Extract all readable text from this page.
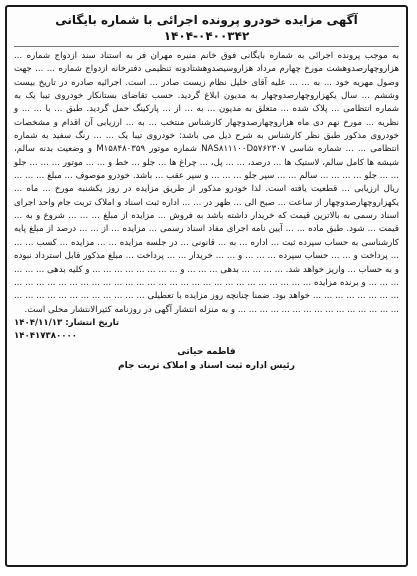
آگهی مزایده خودرو پرونده اجرائی با شماره بایگانی ۰۴۰۰۳۴۲-۱۴۰۴

به موجب پرونده اجرائی به شماره بایگانی فوق خانم منیره مهران فر به استناد سند ازدواج شماره ... هزاروچهارصدوهشت مورخ چهارم مرداد هزاروسیصدوهشتادونه تنظیمی دفترخانه ازدواج شماره ... ... جهت وصول مهریه خود ... به ... ... علیه آقای خلیل نظام زیست صادر ... است. اجرائیه صادره در تاریخ بیست وششم ... سال یکهزاروچهارصدوچهار به مدیون ابلاغ گردید. حسب تقاضای بستانکار خودروی تیبا یک به شماره انتظامی ... پلاک شده ... متعلق به مدیون ... به ... از ... پارکینگ حمل گردید. طبق ... با ... ... و نظریه ... مورخ نهم دی ماه هزاروچهارصدوچهار کارشناس منتخب ... به ... ارزیابی آن اقدام و مشخصات خودروی مذکور طبق نظر کارشناس به شرح ذیل می باشد: خودروی تیبا یک ... ... رنگ سفید به شماره انتظامی ... ... شماره شاسی NAS۸۱۱۱۰۰D۵۷۶۲۳۰۷ شماره موتور M۱۵۸۴۸۰۳۵۹ و وضعیت بدنه سالم، شیشه ها کامل سالم، لاستیک ها ... درصد، ... ... پل، ... چراغ ها ... جلو ... خط و ... ... موتور ... ... ... جلو ... ... جلو ... ... ... ... سالم ... ... سپر جلو ... ... ... و سپر عقب ... باشد. خودرو موصوف ... مبلغ ... ... ... ریال ارزیابی ... قطعیت یافته است. لذا خودرو مذکور از طریق مزایده در روز یکشنبه مورخ ... ماه ... یکهزاروچهارصدوچهار از ساعت ... صبح الی ... ظهر در ... ... اداره ثبت اسناد و املاک تربت جام واحد اجرای اسناد رسمی به بالاترین قیمت که خریدار داشته باشد به فروش ... مزایده از مبلغ ... ... ... شروع و به ... قیمت ... شود. طبق ماده ... ... آیین نامه اجرای مفاد اسناد رسمی ... مزایده ... از ... ... درصد از مبلغ پایه کارشناسی به حساب سپرده ثبت ... اداره ... به ... قانونی ... در جلسه مزایده ... ... مزایده ... کسب ... ... ... پرداخت و ... ... حساب سپرده ... ... ... و ... ... خریدار ... ... پرداخت ... مبلغ مذکور قابل استرداد نبوده و به حساب ... واریز خواهد شد. ... ... ... ... بدهی ... ... ... و ... ... ... ... ... ... ... ... و کلیه بدهی ... ... ... ... ... ... و برنده مزایده ... ... ... ... ... ... ... ... ... ... ... ... ... ... ... ... ... ... ... ... ... ... ... ... ... ... ... ... ... ... ... ... ... ... ... خواهد بود. ضمنا چنانچه روز مزایده با تعطیلی ... ... ... ... ... ... ... ... ... ... ... ... ... ... ... ... ... ... ... ... ... ... ... ... ... ... ... و به منزله انتشار آگهی در روزنامه کثیرالانتشار محلی است.

تاریخ انتشار: ۱۴۰۴/۱۱/۱۳

۱۴۰۴۱۷۳۸۰۰۰۰

فاطمه حیاتی
رئیس اداره ثبت اسناد و املاک تربت جام
